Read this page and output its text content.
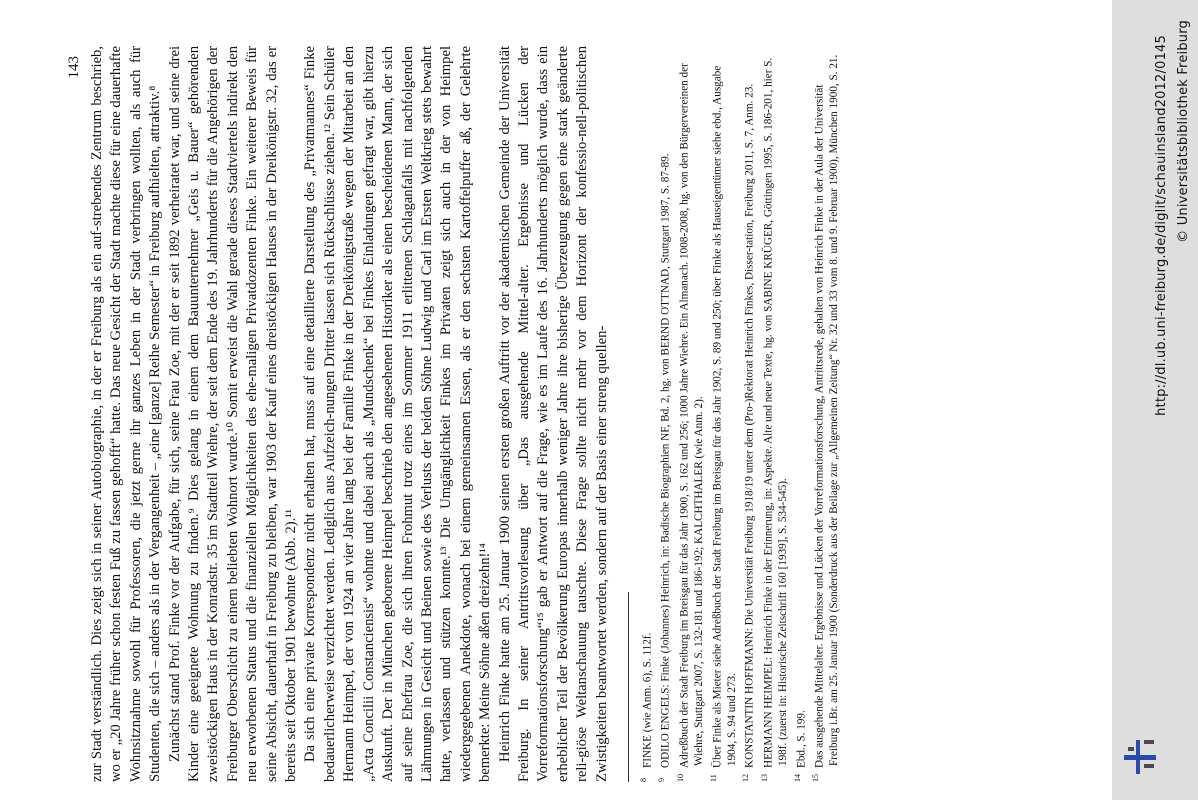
143 zur Stadt verständlich. Dies zeigt sich in seiner Autobiographie, in der er Freiburg als ein auf-strebendes Zentrum beschrieb, wo er „20 Jahre früher schon festen Fuß zu fassen gehofft“ hatte. Das neue Gesicht der Stadt machte diese für eine dauerhafte Wohnsitznahme sowohl für Professoren, die jetzt gerne ihr ganzes Leben in der Stadt verbringen wollten, als auch für Studenten, die sich – anders als in der Vergangenheit – „eine [ganze] Reihe Semester“ in Freiburg aufhielten, attraktiv.⁸ Zunächst stand Prof. Finke vor der Aufgabe, für sich, seine Frau Zoe, mit der er seit 1892 verheiratet war, und seine drei Kinder eine geeignete Wohnung zu finden.⁹ Dies gelang in einem dem Bauunternehmer „Geis u. Bauer“ gehörenden zweistöckigen Haus in der Konradstr. 35 im Stadtteil Wiehre, der seit dem Ende des 19. Jahrhunderts für die Angehörigen der Freiburger Oberschicht zu einem beliebten Wohnort wurde.¹⁰ Somit erweist die Wahl gerade dieses Stadtviertels indirekt den neu erworbenen Status und die finanziellen Möglichkeiten des ehe-maligen Privatdozenten Finke. Ein weiterer Beweis für seine Absicht, dauerhaft in Freiburg zu bleiben, war 1903 der Kauf eines dreistöckigen Hauses in der Dreikönigstr. 32, das er bereits seit Oktober 1901 bewohnte (Abb. 2).¹¹ Da sich eine private Korrespondenz nicht erhalten hat, muss auf eine detaillierte Darstellung des „Privatmannes“ Finke bedauerlicherweise verzichtet werden. Lediglich aus Aufzeich-nungen Dritter lassen sich Rückschlüsse ziehen.¹² Sein Schüler Hermann Heimpel, der von 1924 an vier Jahre lang bei der Familie Finke in der Dreikönigstraße wegen der Mitarbeit an den „Acta Concilii Constanciensis“ wohnte und dabei auch als „Mundschenk“ bei Finkes Einladungen gefragt war, gibt hierzu Auskunft. Der in München geborene Heimpel beschrieb den angesehenen Historiker als einen bescheidenen Mann, der sich auf seine Ehefrau Zoe, die sich ihren Frohmut trotz eines im Sommer 1911 erlittenen Schlaganfalls mit nachfolgenden Lähmungen in Gesicht und Beinen sowie des Verlusts der beiden Söhne Ludwig und Carl im Ersten Weltkrieg stets bewahrt hatte, verlassen und stützen konnte.¹³ Die Umgänglichkeit Finkes im Privaten zeigt sich auch in der von Heimpel wiedergegebenen Anekdote, wonach bei einem gemeinsamen Essen, als er den sechsten Kartoffelpuffer aß, der Gelehrte bemerkte: Meine Söhne aßen dreizehn!¹⁴ Heinrich Finke hatte am 25. Januar 1900 seinen ersten großen Auftritt vor der akademischen Gemeinde der Universität Freiburg. In seiner Antrittsvorlesung über „Das ausgehende Mittel-alter. Ergebnisse und Lücken der Vorreformationsforschung“¹⁵ gab er Antwort auf die Frage, wie es im Laufe des 16. Jahrhunderts möglich wurde, dass ein erheblicher Teil der Bevölkerung Europas innerhalb weniger Jahre ihre bisherige Überzeugung gegen eine stark geänderte reli-giöse Weltanschauung tauschte. Diese Frage sollte nicht mehr vor dem Horizont der konfessio-nell-politischen Zwistigkeiten beantwortet werden, sondern auf der Basis einer streng quellen-	$^8$FINKE (wie Anm. 6), S. 112f.

$^9$ODILO ENGELS: Finke (Johannes) Heinrich, in: Badische Biographien NF, Bd. 2, hg. von BERND OTTNAD, Stuttgart 1987, S. 87-89.

$^{10}$Adreßbuch der Stadt Freiburg im Breisgau für das Jahr 1900, S. 162 und 256; 1000 Jahre Wiehre. Ein Almanach. 1008-2008, hg. von den Bürgervereinen der Wiehre, Stuttgart 2007, S. 132-181 und 186-192; KALCHTHALER (wie Anm. 2).

$^{11}$Über Finke als Mieter siehe Adreßbuch der Stadt Freiburg im Breisgau für das Jahr 1902, S. 89 und 250; über Finke als Hauseigentümer siehe ebd., Ausgabe 1904, S. 94 und 273.

$^{12}$KONSTANTIN HOFFMANN: Die Universität Freiburg 1918/19 unter dem (Pro-)Rektorat Heinrich Finkes, Disser-tation, Freiburg 2011, S. 7, Anm. 23.

$^{13}$HERMANN HEIMPEL: Heinrich Finke in der Erinnerung, in: Aspekte. Alte und neue Texte, hg. von SABINE KRÜGER, Göttingen 1995, S. 186-201, hier S. 198f. (zuerst in: Historische Zeitschrift 160 [1939], S. 534-545).

$^{14}$Ebd., S. 199.

$^{15}$Das ausgehende Mittelalter. Ergebnisse und Lücken der Vorreformationsforschung, Antrittsrede, gehalten von Heinrich Finke in der Aula der Universität Freiburg i.Br. am 25. Januar 1900 (Sonderdruck aus der Beilage zur „Allgemeinen Zeitung“ Nr. 32 und 33 vom 8. und 9. Februar 1900), München 1900, S. 21.	http://dl.ub.uni-freiburg.de/diglit/schauinsland2012/0145 © Universitätsbibliothek Freiburg
